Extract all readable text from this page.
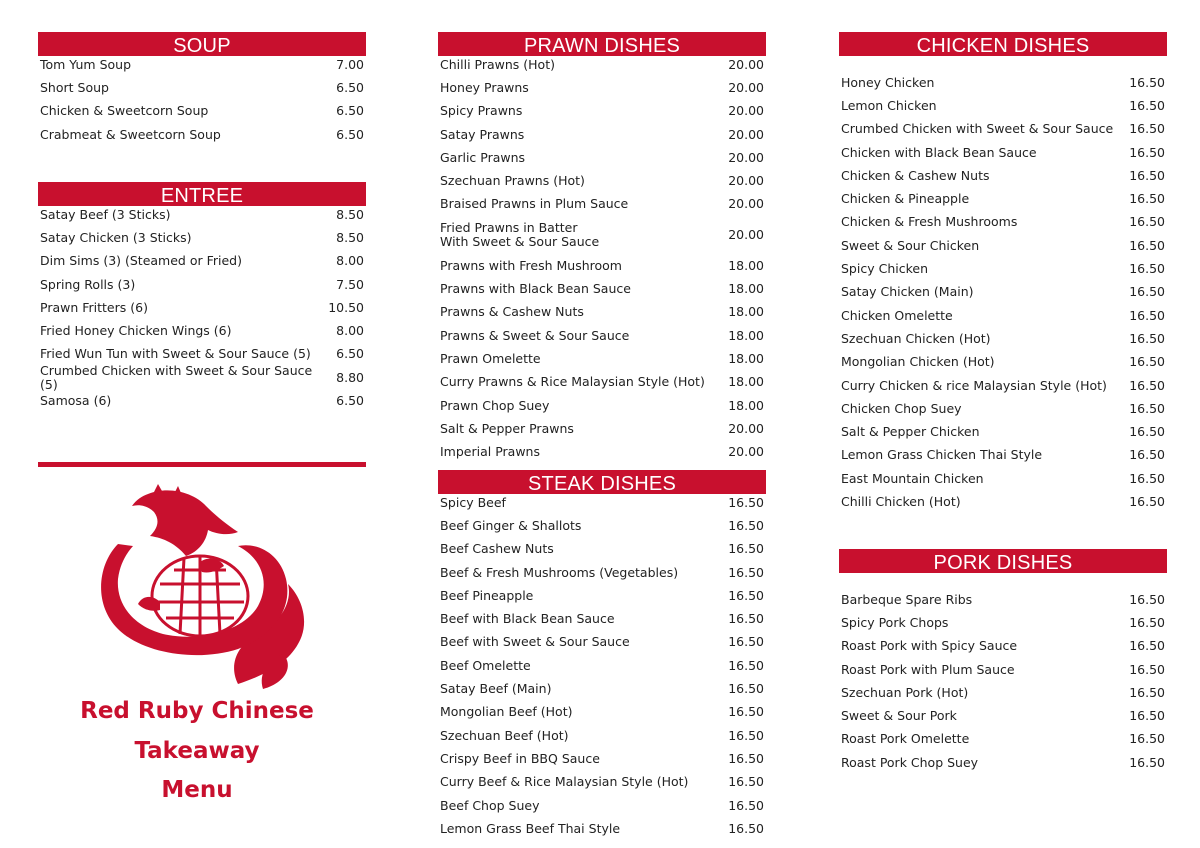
SOUP
Tom Yum Soup	7.00
Short Soup	6.50
Chicken & Sweetcorn Soup	6.50
Crabmeat & Sweetcorn Soup	6.50
ENTREE
Satay Beef (3 Sticks)	8.50
Satay Chicken (3 Sticks)	8.50
Dim Sims (3) (Steamed or Fried)	8.00
Spring Rolls (3)	7.50
Prawn Fritters (6)	10.50
Fried Honey Chicken Wings (6)	8.00
Fried Wun Tun with Sweet & Sour Sauce (5)	6.50
Crumbed Chicken with Sweet & Sour Sauce (5)	8.80
Samosa (6)	6.50
Red Ruby Chinese
Takeaway
Menu
PRAWN DISHES
Chilli Prawns (Hot)	20.00
Honey Prawns	20.00
Spicy Prawns	20.00
Satay Prawns	20.00
Garlic Prawns	20.00
Szechuan Prawns (Hot)	20.00
Braised Prawns in Plum Sauce	20.00
Fried Prawns in Batter
With Sweet & Sour Sauce	20.00
Prawns with Fresh Mushroom	18.00
Prawns with Black Bean Sauce	18.00
Prawns & Cashew Nuts	18.00
Prawns & Sweet & Sour Sauce	18.00
Prawn Omelette	18.00
Curry Prawns & Rice Malaysian Style (Hot)	18.00
Prawn Chop Suey	18.00
Salt & Pepper Prawns	20.00
Imperial Prawns	20.00
STEAK DISHES
Spicy Beef	16.50
Beef Ginger & Shallots	16.50
Beef Cashew Nuts	16.50
Beef & Fresh Mushrooms (Vegetables)	16.50
Beef Pineapple	16.50
Beef with Black Bean Sauce	16.50
Beef with Sweet & Sour Sauce	16.50
Beef Omelette	16.50
Satay Beef (Main)	16.50
Mongolian Beef (Hot)	16.50
Szechuan Beef (Hot)	16.50
Crispy Beef in BBQ Sauce	16.50
Curry Beef & Rice Malaysian Style (Hot)	16.50
Beef Chop Suey	16.50
Lemon Grass Beef Thai Style	16.50
CHICKEN DISHES
Honey Chicken	16.50
Lemon Chicken	16.50
Crumbed Chicken with Sweet & Sour Sauce	16.50
Chicken with Black Bean Sauce	16.50
Chicken & Cashew Nuts	16.50
Chicken & Pineapple	16.50
Chicken & Fresh Mushrooms	16.50
Sweet & Sour Chicken	16.50
Spicy Chicken	16.50
Satay Chicken (Main)	16.50
Chicken Omelette	16.50
Szechuan Chicken (Hot)	16.50
Mongolian Chicken (Hot)	16.50
Curry Chicken & rice Malaysian Style (Hot)	16.50
Chicken Chop Suey	16.50
Salt & Pepper Chicken	16.50
Lemon Grass Chicken Thai Style	16.50
East Mountain Chicken	16.50
Chilli Chicken (Hot)	16.50
PORK DISHES
Barbeque Spare Ribs	16.50
Spicy Pork Chops	16.50
Roast Pork with Spicy Sauce	16.50
Roast Pork with Plum Sauce	16.50
Szechuan Pork (Hot)	16.50
Sweet & Sour Pork	16.50
Roast Pork Omelette	16.50
Roast Pork Chop Suey	16.50
